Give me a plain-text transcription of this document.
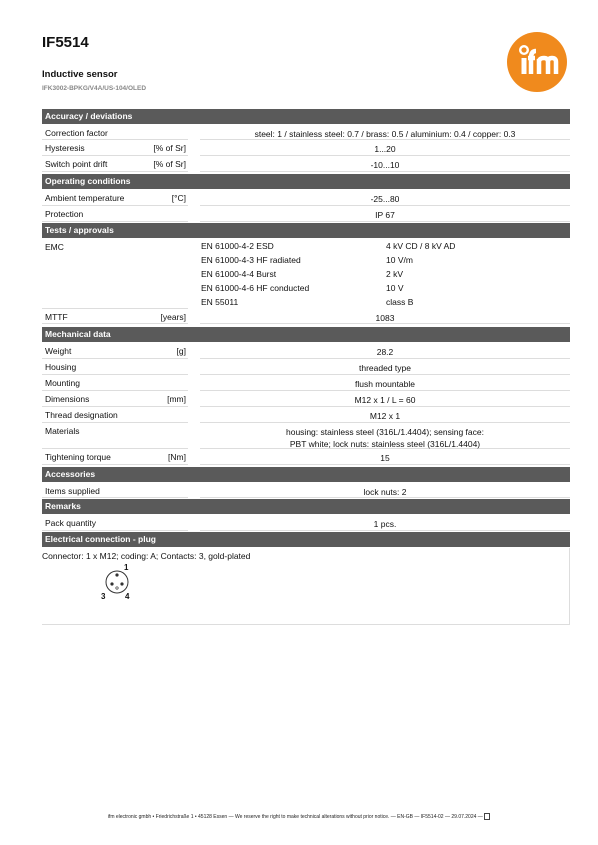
IF5514
Inductive sensor
IFK3002-BPKG/V4A/US-104/OLED
Accuracy / deviations
Correction factor	steel: 1 / stainless steel: 0.7 / brass: 0.5 / aluminium: 0.4 / copper: 0.3
Hysteresis	[% of Sr]	1...20
Switch point drift	[% of Sr]	-10...10
Operating conditions
Ambient temperature	[°C]	-25...80
Protection	IP 67
Tests / approvals
EMC	EN 61000-4-2 ESD	4 kV CD / 8 kV AD
EN 61000-4-3 HF radiated	10 V/m
EN 61000-4-4 Burst	2 kV
EN 61000-4-6 HF conducted	10 V
EN 55011	class B
MTTF	[years]	1083
Mechanical data
Weight	[g]	28.2
Housing	threaded type
Mounting	flush mountable
Dimensions	[mm]	M12 x 1 / L = 60
Thread designation	M12 x 1
Materials	housing: stainless steel (316L/1.4404); sensing face:
PBT white; lock nuts: stainless steel (316L/1.4404)
Tightening torque	[Nm]	15
Accessories
Items supplied	lock nuts: 2
Remarks
Pack quantity	1 pcs.
Electrical connection - plug
Connector: 1 x M12; coding: A; Contacts: 3, gold-plated
1
3 4
ifm electronic gmbh • Friedrichstraße 1 • 45128 Essen — We reserve the right to make technical alterations without prior notice. — EN-GB — IF5514-02 — 29.07.2024 —
